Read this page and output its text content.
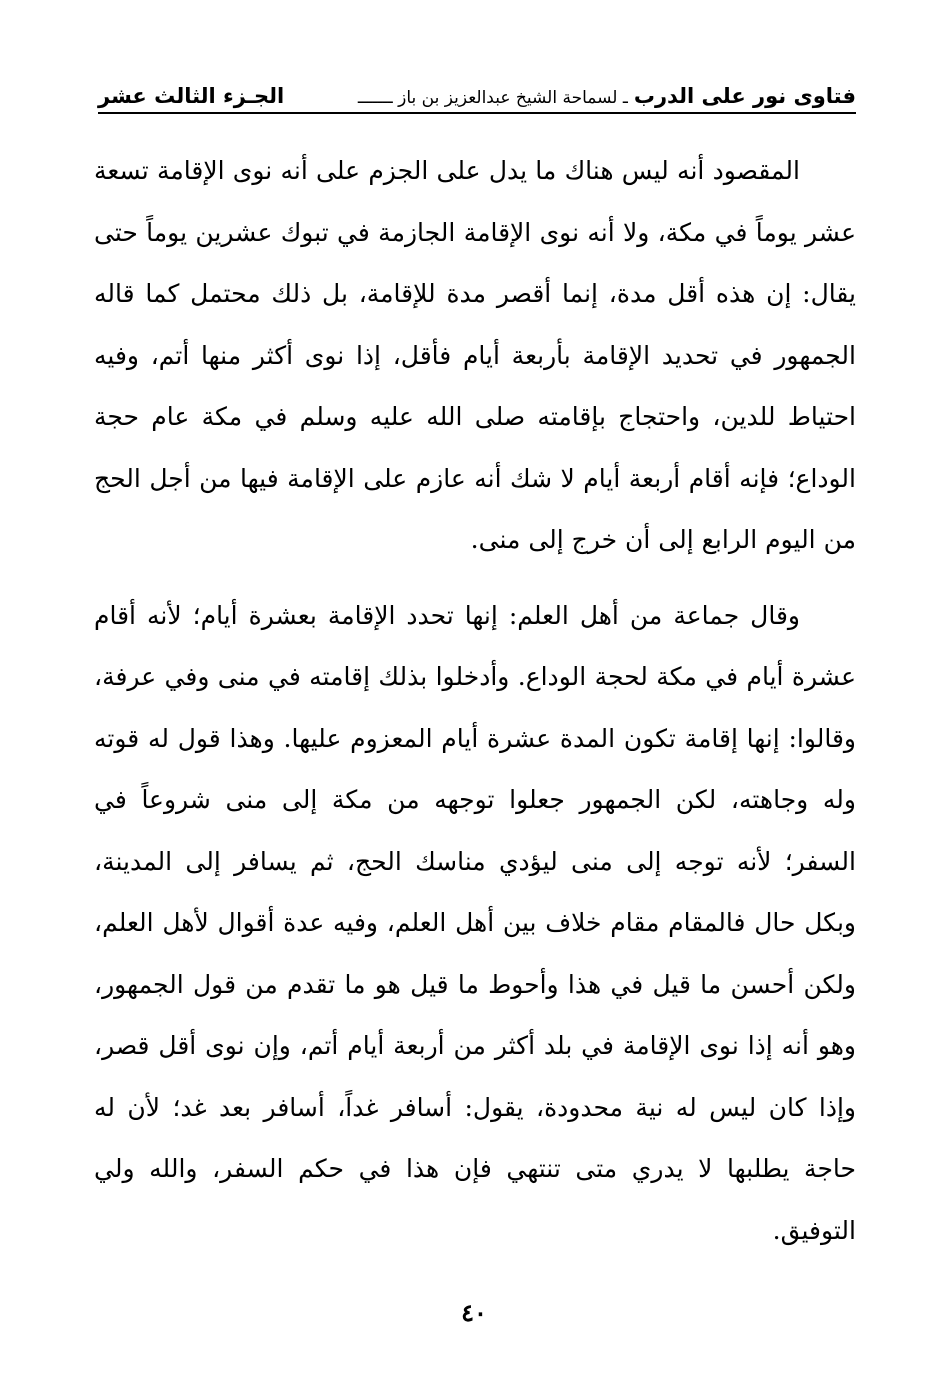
فتاوى نور على الدرب
ـ لسماحة الشيخ عبدالعزيز بن باز ـــــــ
الجـزء الثالث عشر

المقصود أنه ليس هناك ما يدل على الجزم على أنه نوى الإقامة تسعة عشر يوماً في مكة، ولا أنه نوى الإقامة الجازمة في تبوك عشرين يوماً حتى يقال: إن هذه أقل مدة، إنما أقصر مدة للإقامة، بل ذلك محتمل كما قاله الجمهور في تحديد الإقامة بأربعة أيام فأقل، إذا نوى أكثر منها أتم، وفيه احتياط للدين، واحتجاج بإقامته صلى الله عليه وسلم في مكة عام حجة الوداع؛ فإنه أقام أربعة أيام لا شك أنه عازم على الإقامة فيها من أجل الحج من اليوم الرابع إلى أن خرج إلى منى.

وقال جماعة من أهل العلم: إنها تحدد الإقامة بعشرة أيام؛ لأنه أقام عشرة أيام في مكة لحجة الوداع. وأدخلوا بذلك إقامته في منى وفي عرفة، وقالوا: إنها إقامة تكون المدة عشرة أيام المعزوم عليها. وهذا قول له قوته وله وجاهته، لكن الجمهور جعلوا توجهه من مكة إلى منى شروعاً في السفر؛ لأنه توجه إلى منى ليؤدي مناسك الحج، ثم يسافر إلى المدينة، وبكل حال فالمقام مقام خلاف بين أهل العلم، وفيه عدة أقوال لأهل العلم، ولكن أحسن ما قيل في هذا وأحوط ما قيل هو ما تقدم من قول الجمهور، وهو أنه إذا نوى الإقامة في بلد أكثر من أربعة أيام أتم، وإن نوى أقل قصر، وإذا كان ليس له نية محدودة، يقول: أسافر غداً، أسافر بعد غد؛ لأن له حاجة يطلبها لا يدري متى تنتهي فإن هذا في حكم السفر، والله ولي التوفيق.

٤٠
